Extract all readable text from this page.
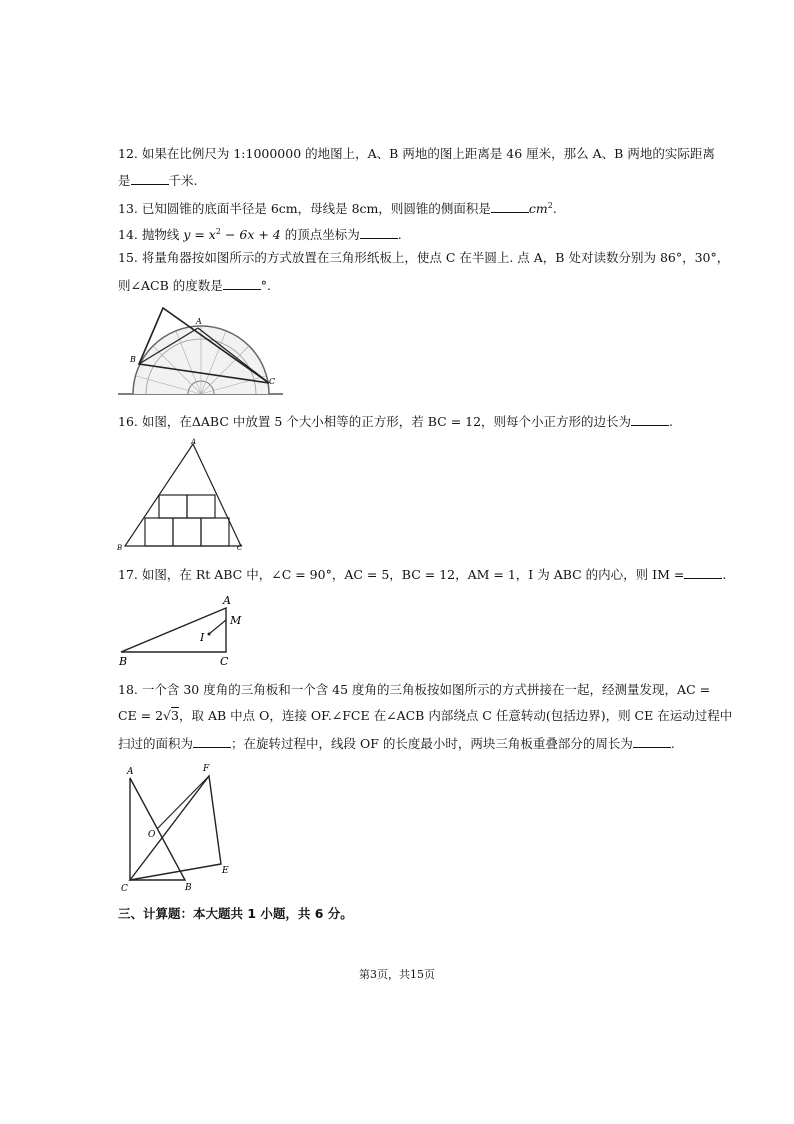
12. 如果在比例尺为 1:1000000 的地图上，A、B 两地的图上距离是 46 厘米，那么 A、B 两地的实际距离
是	千米.
13. 已知圆锥的底面半径是 6cm，母线是 8cm，则圆锥的侧面积是	$cm^2$.
14. 抛物线 $y = x^2 - 6x + 4$ 的顶点坐标为	.
15. 将量角器按如图所示的方式放置在三角形纸板上，使点 C 在半圆上. 点 A，B 处对读数分别为 86°，30°，
则∠ACB 的度数是	°.
A
B
C
16. 如图，在ΔABC 中放置 5 个大小相等的正方形，若 BC = 12，则每个小正方形的边长为	.
A
B	C
17. 如图，在 Rt ABC 中，∠C = 90°，AC = 5，BC = 12，AM = 1，I 为 ABC 的内心，则 IM =	.
A
M
I
B	C
18. 一个含 30 度角的三角板和一个含 45 度角的三角板按如图所示的方式拼接在一起，经测量发现，AC =
CE = 2√3，取 AB 中点 O，连接 OF.∠FCE 在∠ACB 内部绕点 C 任意转动(包括边界)，则 CE 在运动过程中
扫过的面积为	；在旋转过程中，线段 OF 的长度最小时，两块三角板重叠部分的周长为	.
A	F
O
E
C	B
三、计算题：本大题共 1 小题，共 6 分。
第3页，共15页
